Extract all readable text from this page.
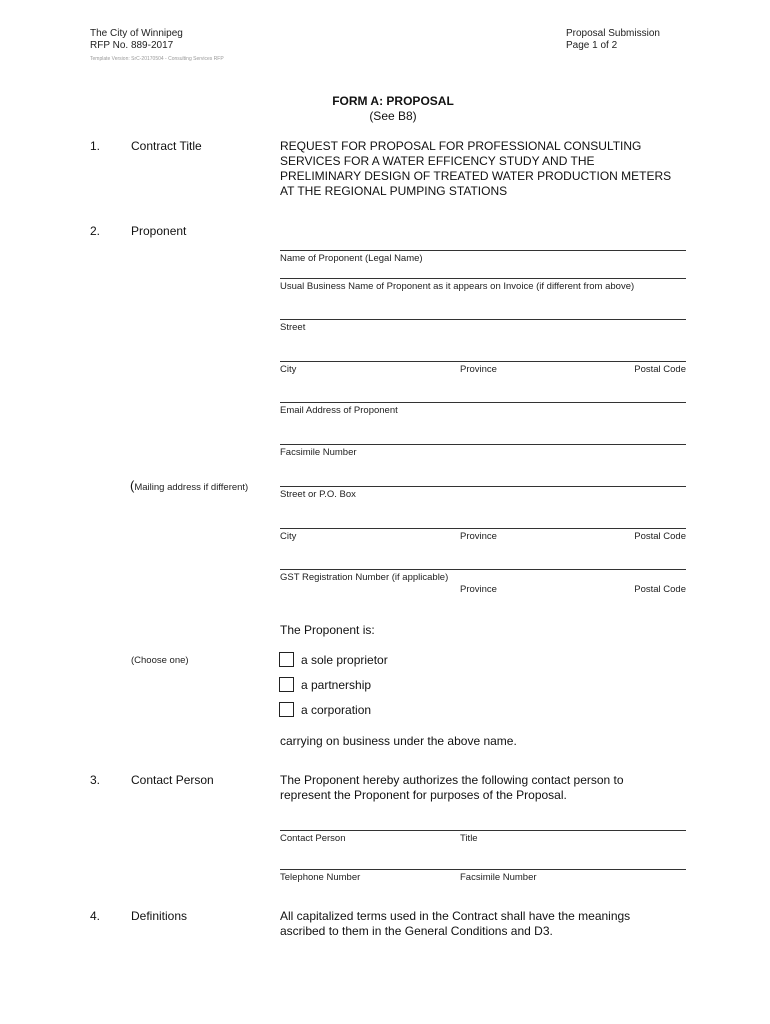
The City of Winnipeg
RFP No. 889-2017
Template Version: SrC-20170504 - Consulting Services RFP
Proposal Submission
Page 1 of 2
FORM A: PROPOSAL
(See B8)
1.	Contract Title	REQUEST FOR PROPOSAL FOR PROFESSIONAL CONSULTING
SERVICES FOR A WATER EFFICENCY STUDY AND THE
PRELIMINARY DESIGN OF TREATED WATER PRODUCTION METERS
AT THE REGIONAL PUMPING STATIONS
2.	Proponent
Name of Proponent (Legal Name)
Usual Business Name of Proponent as it appears on Invoice (if different from above)
Street
City	Province	Postal Code
Email Address of Proponent
Facsimile Number
(Mailing address if different)
Street or P.O. Box
City	Province	Postal Code
GST Registration Number (if applicable)
Province	Postal Code
The Proponent is:
(Choose one)	a sole proprietor
a partnership
a corporation
carrying on business under the above name.
3.	Contact Person	The Proponent hereby authorizes the following contact person to
represent the Proponent for purposes of the Proposal.
Contact Person	Title
Telephone Number	Facsimile Number
4.	Definitions	All capitalized terms used in the Contract shall have the meanings
ascribed to them in the General Conditions and D3.
